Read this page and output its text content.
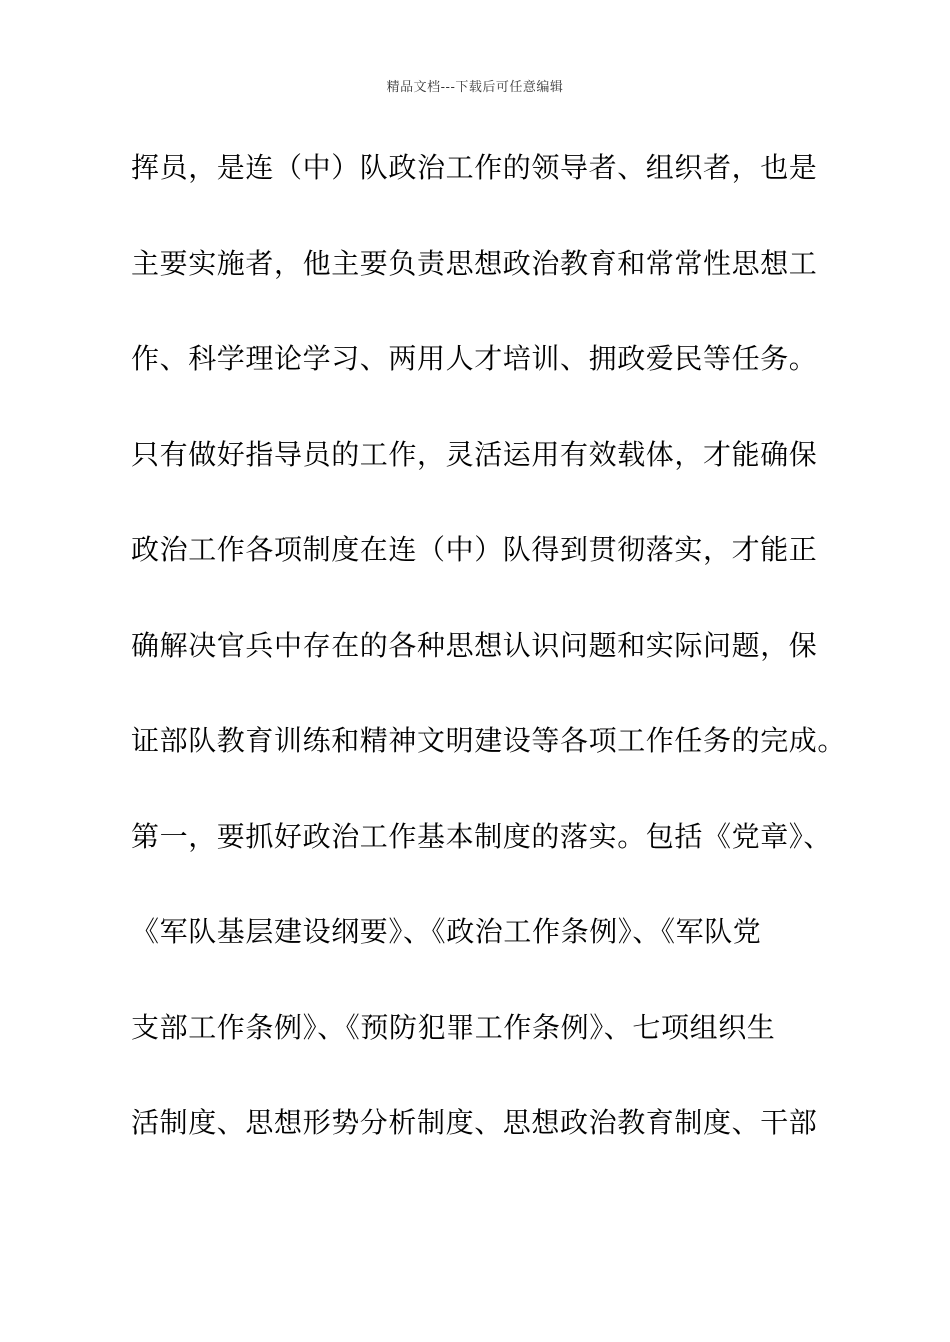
精品文档---下载后可任意编辑
挥员，是连（中）队政治工作的领导者、组织者，也是
主要实施者，他主要负责思想政治教育和常常性思想工
作、科学理论学习、两用人才培训、拥政爱民等任务。
只有做好指导员的工作，灵活运用有效载体，才能确保
政治工作各项制度在连（中）队得到贯彻落实，才能正
确解决官兵中存在的各种思想认识问题和实际问题，保
证部队教育训练和精神文明建设等各项工作任务的完成。
第一，要抓好政治工作基本制度的落实。包括《党章》、
《军队基层建设纲要》、《政治工作条例》、《军队党
支部工作条例》、《预防犯罪工作条例》、七项组织生
活制度、思想形势分析制度、思想政治教育制度、干部
